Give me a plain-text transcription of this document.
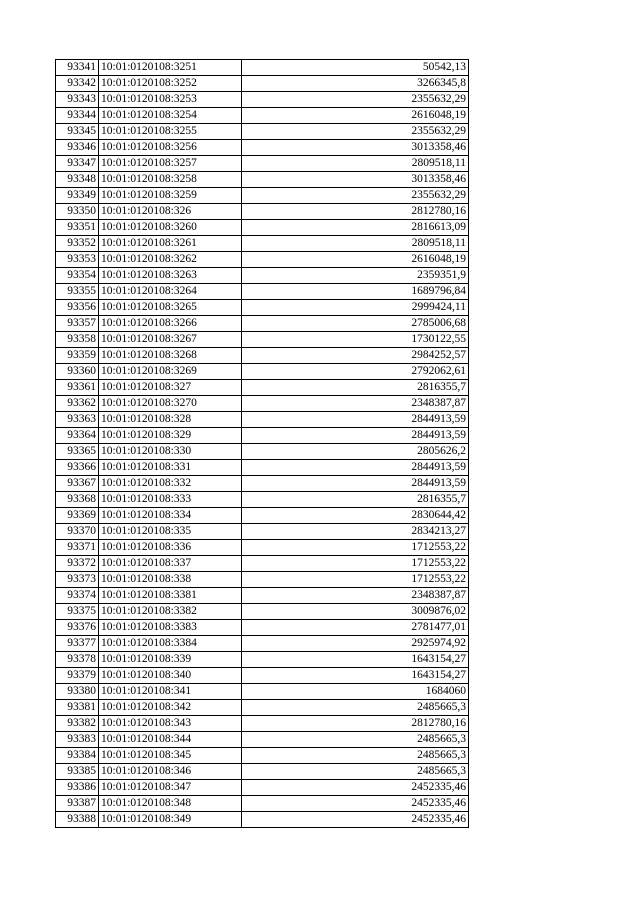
93341	10:01:0120108:3251	50542,13
93342	10:01:0120108:3252	3266345,8
93343	10:01:0120108:3253	2355632,29
93344	10:01:0120108:3254	2616048,19
93345	10:01:0120108:3255	2355632,29
93346	10:01:0120108:3256	3013358,46
93347	10:01:0120108:3257	2809518,11
93348	10:01:0120108:3258	3013358,46
93349	10:01:0120108:3259	2355632,29
93350	10:01:0120108:326	2812780,16
93351	10:01:0120108:3260	2816613,09
93352	10:01:0120108:3261	2809518,11
93353	10:01:0120108:3262	2616048,19
93354	10:01:0120108:3263	2359351,9
93355	10:01:0120108:3264	1689796,84
93356	10:01:0120108:3265	2999424,11
93357	10:01:0120108:3266	2785006,68
93358	10:01:0120108:3267	1730122,55
93359	10:01:0120108:3268	2984252,57
93360	10:01:0120108:3269	2792062,61
93361	10:01:0120108:327	2816355,7
93362	10:01:0120108:3270	2348387,87
93363	10:01:0120108:328	2844913,59
93364	10:01:0120108:329	2844913,59
93365	10:01:0120108:330	2805626,2
93366	10:01:0120108:331	2844913,59
93367	10:01:0120108:332	2844913,59
93368	10:01:0120108:333	2816355,7
93369	10:01:0120108:334	2830644,42
93370	10:01:0120108:335	2834213,27
93371	10:01:0120108:336	1712553,22
93372	10:01:0120108:337	1712553,22
93373	10:01:0120108:338	1712553,22
93374	10:01:0120108:3381	2348387,87
93375	10:01:0120108:3382	3009876,02
93376	10:01:0120108:3383	2781477,01
93377	10:01:0120108:3384	2925974,92
93378	10:01:0120108:339	1643154,27
93379	10:01:0120108:340	1643154,27
93380	10:01:0120108:341	1684060
93381	10:01:0120108:342	2485665,3
93382	10:01:0120108:343	2812780,16
93383	10:01:0120108:344	2485665,3
93384	10:01:0120108:345	2485665,3
93385	10:01:0120108:346	2485665,3
93386	10:01:0120108:347	2452335,46
93387	10:01:0120108:348	2452335,46
93388	10:01:0120108:349	2452335,46
